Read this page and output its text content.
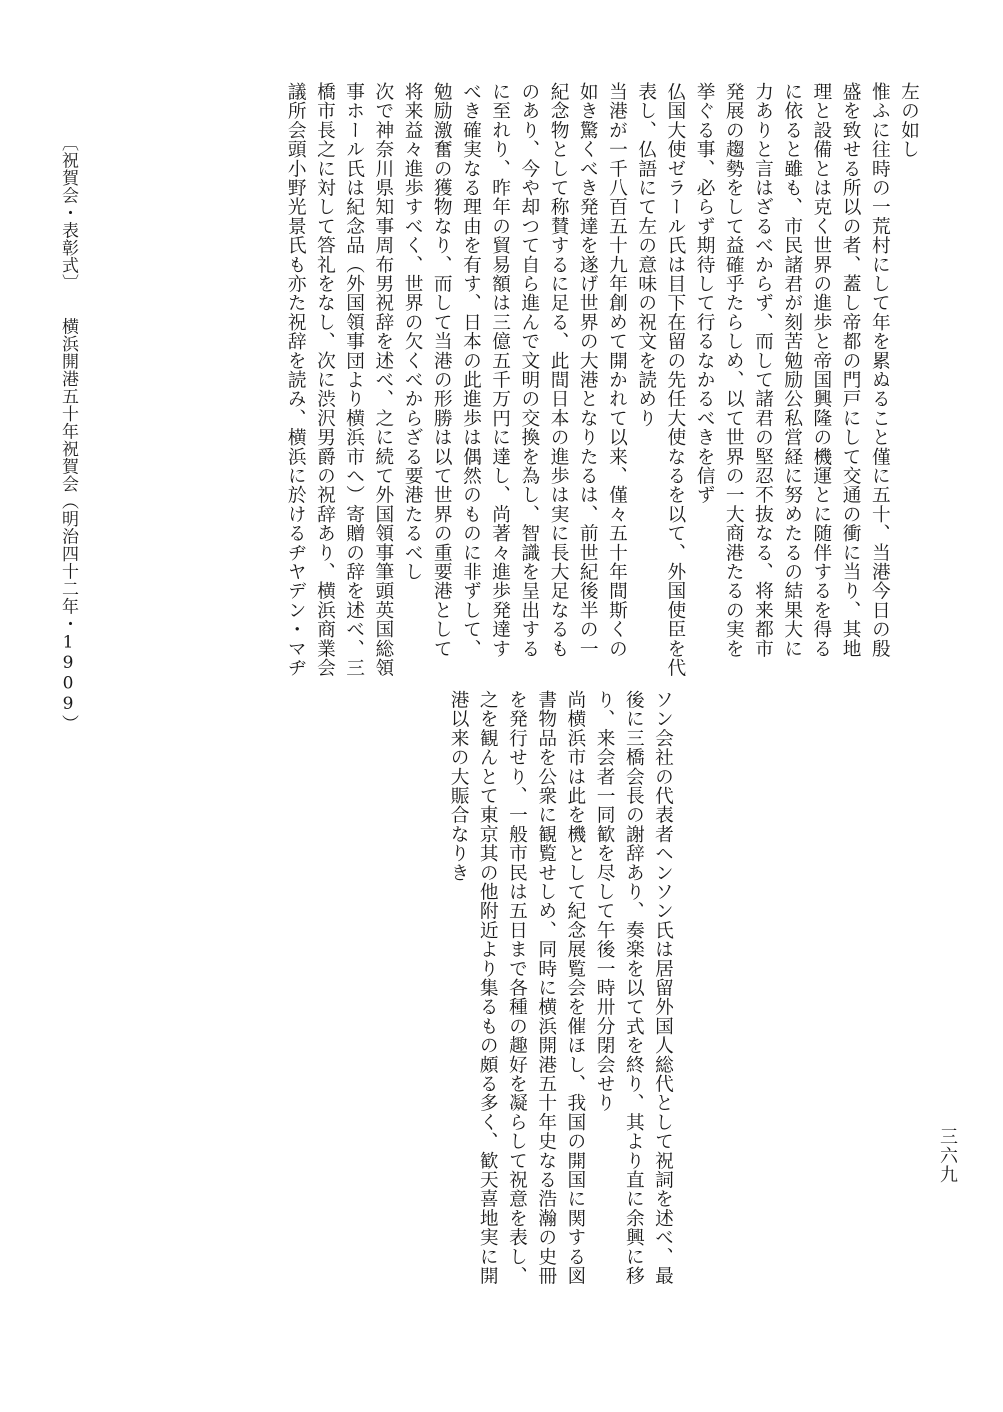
左の如し
惟ふに往時の一荒村にして年を累ぬること僅に五十、当港今日の殷
盛を致せる所以の者、蓋し帝都の門戸にして交通の衝に当り、其地
理と設備とは克く世界の進歩と帝国興隆の機運とに随伴するを得る
に依ると雖も、市民諸君が刻苦勉励公私営経に努めたるの結果大に
力ありと言はざるべからず、而して諸君の堅忍不抜なる、将来都市
発展の趨勢をして益確乎たらしめ、以て世界の一大商港たるの実を
挙ぐる事、必らず期待して行るなかるべきを信ず
仏国大使ゼラール氏は目下在留の先任大使なるを以て、外国使臣を代
表し、仏語にて左の意味の祝文を読めり
当港が一千八百五十九年創めて開かれて以来、僅々五十年間斯くの
如き驚くべき発達を遂げ世界の大港となりたるは、前世紀後半の一
紀念物として称賛するに足る、此間日本の進歩は実に長大足なるも
のあり、今や却つて自ら進んで文明の交換を為し、智識を呈出する
に至れり、昨年の貿易額は三億五千万円に達し、尚著々進歩発達す
べき確実なる理由を有す、日本の此進歩は偶然のものに非ずして、
勉励激奮の獲物なり、而して当港の形勝は以て世界の重要港として
将来益々進歩すべく、世界の欠くべからざる要港たるべし
次で神奈川県知事周布男祝辞を述べ、之に続て外国領事筆頭英国総領
事ホール氏は紀念品（外国領事団より横浜市へ）寄贈の辞を述べ、三
橋市長之に対して答礼をなし、次に渋沢男爵の祝辞あり、横浜商業会
議所会頭小野光景氏も亦た祝辞を読み、横浜に於けるヂヤデン・マヂ
ソン会社の代表者ヘンソン氏は居留外国人総代として祝詞を述べ、最
後に三橋会長の謝辞あり、奏楽を以て式を終り、其より直に余興に移
り、来会者一同歓を尽して午後一時卅分閉会せり
尚横浜市は此を機として紀念展覧会を催ほし、我国の開国に関する図
書物品を公衆に観覧せしめ、同時に横浜開港五十年史なる浩瀚の史冊
を発行せり、一般市民は五日まで各種の趣好を凝らして祝意を表し、
之を観んとて東京其の他附近より集るもの頗る多く、歓天喜地実に開
港以来の大賑合なりき
〔祝賀会・表彰式〕横浜開港五十年祝賀会（明治四十二年・1909）
三六九
